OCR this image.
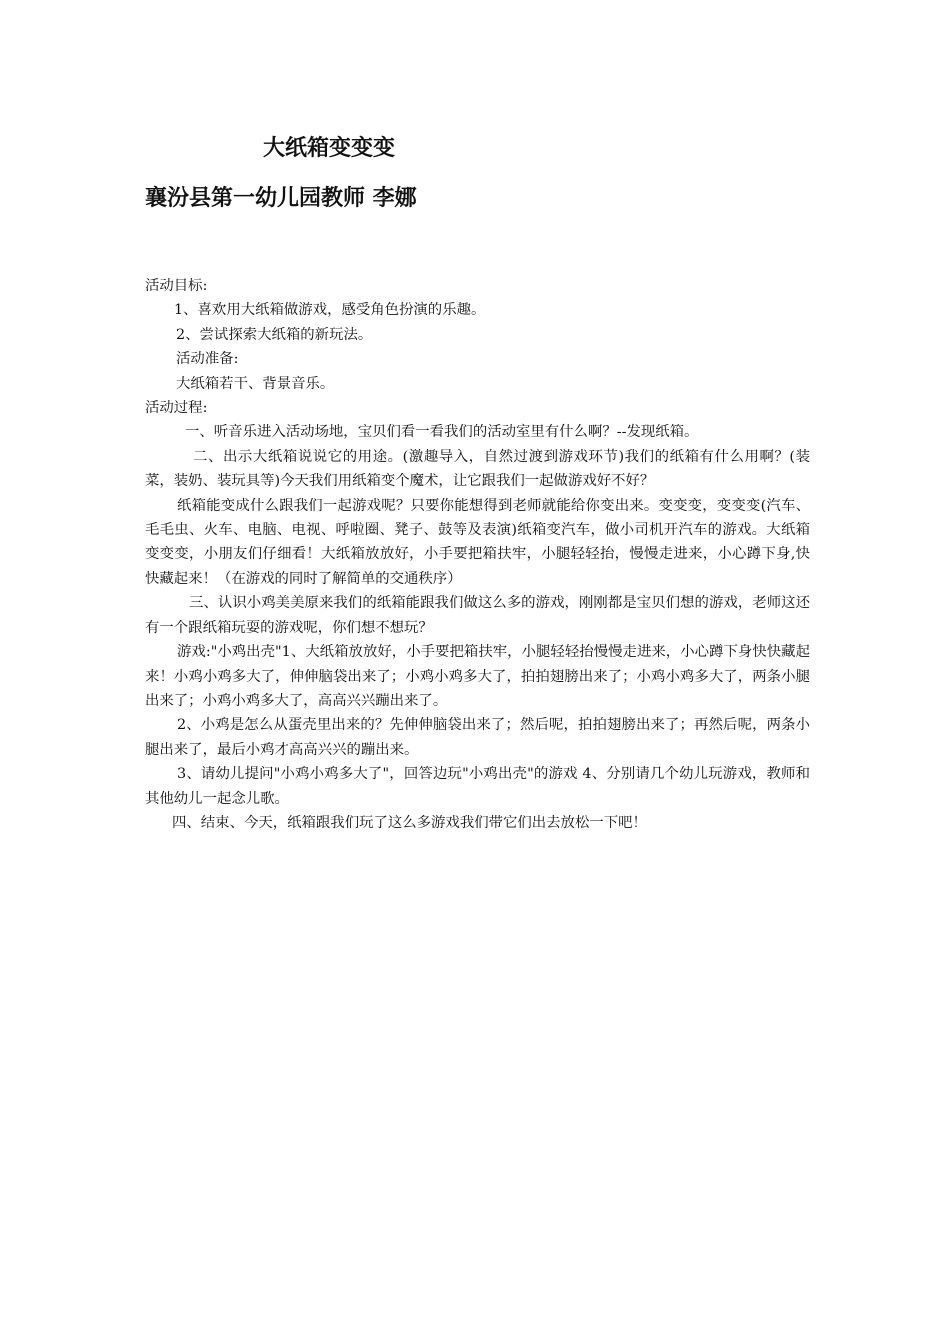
大纸箱变变变
襄汾县第一幼儿园教师 李娜

活动目标:

1、喜欢用大纸箱做游戏，感受角色扮演的乐趣。

2、尝试探索大纸箱的新玩法。

活动准备:

大纸箱若干、背景音乐。

活动过程:

一、听音乐进入活动场地，宝贝们看一看我们的活动室里有什么啊？--发现纸箱。

二、出示大纸箱说说它的用途。(激趣导入，自然过渡到游戏环节)我们的纸箱有什么用啊？(装菜，装奶、装玩具等)今天我们用纸箱变个魔术，让它跟我们一起做游戏好不好？

纸箱能变成什么跟我们一起游戏呢？只要你能想得到老师就能给你变出来。变变变，变变变(汽车、毛毛虫、火车、电脑、电视、呼啦圈、凳子、鼓等及表演)纸箱变汽车，做小司机开汽车的游戏。大纸箱变变变，小朋友们仔细看！大纸箱放放好，小手要把箱扶牢，小腿轻轻抬，慢慢走进来，小心蹲下身,快快藏起来！（在游戏的同时了解简单的交通秩序）

三、认识小鸡美美原来我们的纸箱能跟我们做这么多的游戏，刚刚都是宝贝们想的游戏，老师这还有一个跟纸箱玩耍的游戏呢，你们想不想玩？

游戏:"小鸡出壳"1、大纸箱放放好，小手要把箱扶牢，小腿轻轻抬慢慢走进来，小心蹲下身快快藏起来！小鸡小鸡多大了，伸伸脑袋出来了；小鸡小鸡多大了，拍拍翅膀出来了；小鸡小鸡多大了，两条小腿出来了；小鸡小鸡多大了，高高兴兴蹦出来了。

2、小鸡是怎么从蛋壳里出来的？先伸伸脑袋出来了；然后呢，拍拍翅膀出来了；再然后呢，两条小腿出来了，最后小鸡才高高兴兴的蹦出来。

3、请幼儿提问"小鸡小鸡多大了"，回答边玩"小鸡出壳"的游戏 4、分别请几个幼儿玩游戏，教师和其他幼儿一起念儿歌。

四、结束、今天，纸箱跟我们玩了这么多游戏我们带它们出去放松一下吧！
